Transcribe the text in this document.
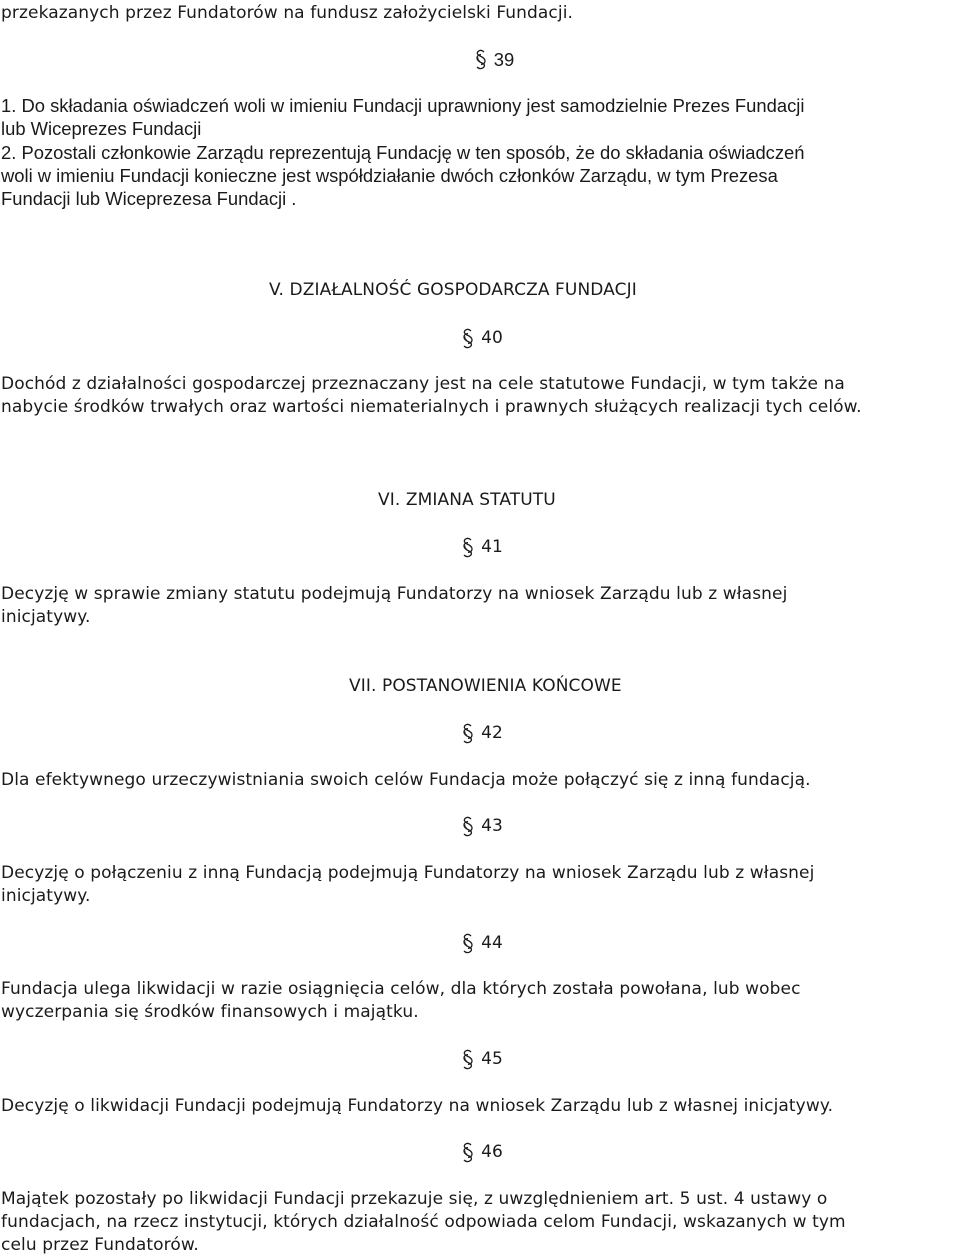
przekazanych przez Fundatorów na fundusz założycielski Fundacji.
39
1. Do składania oświadczeń woli w imieniu Fundacji uprawniony jest samodzielnie Prezes Fundacji
lub Wiceprezes Fundacji
2. Pozostali członkowie Zarządu reprezentują Fundację w ten sposób, że do składania oświadczeń
woli w imieniu Fundacji konieczne jest współdziałanie dwóch członków Zarządu, w tym Prezesa
Fundacji lub Wiceprezesa Fundacji .
V. DZIAŁALNOŚĆ GOSPODARCZA FUNDACJI
40
Dochód z działalności gospodarczej przeznaczany jest na cele statutowe Fundacji, w tym także na
nabycie środków trwałych oraz wartości niematerialnych i prawnych służących realizacji tych celów.
VI. ZMIANA STATUTU
41
Decyzję w sprawie zmiany statutu podejmują Fundatorzy na wniosek Zarządu lub z własnej
inicjatywy.
VII. POSTANOWIENIA KOŃCOWE
42
Dla efektywnego urzeczywistniania swoich celów Fundacja może połączyć się z inną fundacją.
43
Decyzję o połączeniu z inną Fundacją podejmują Fundatorzy na wniosek Zarządu lub z własnej
inicjatywy.
44
Fundacja ulega likwidacji w razie osiągnięcia celów, dla których została powołana, lub wobec
wyczerpania się środków finansowych i majątku.
45
Decyzję o likwidacji Fundacji podejmują Fundatorzy na wniosek Zarządu lub z własnej inicjatywy.
46
Majątek pozostały po likwidacji Fundacji przekazuje się, z uwzględnieniem art. 5 ust. 4 ustawy o
fundacjach, na rzecz instytucji, których działalność odpowiada celom Fundacji, wskazanych w tym
celu przez Fundatorów.
